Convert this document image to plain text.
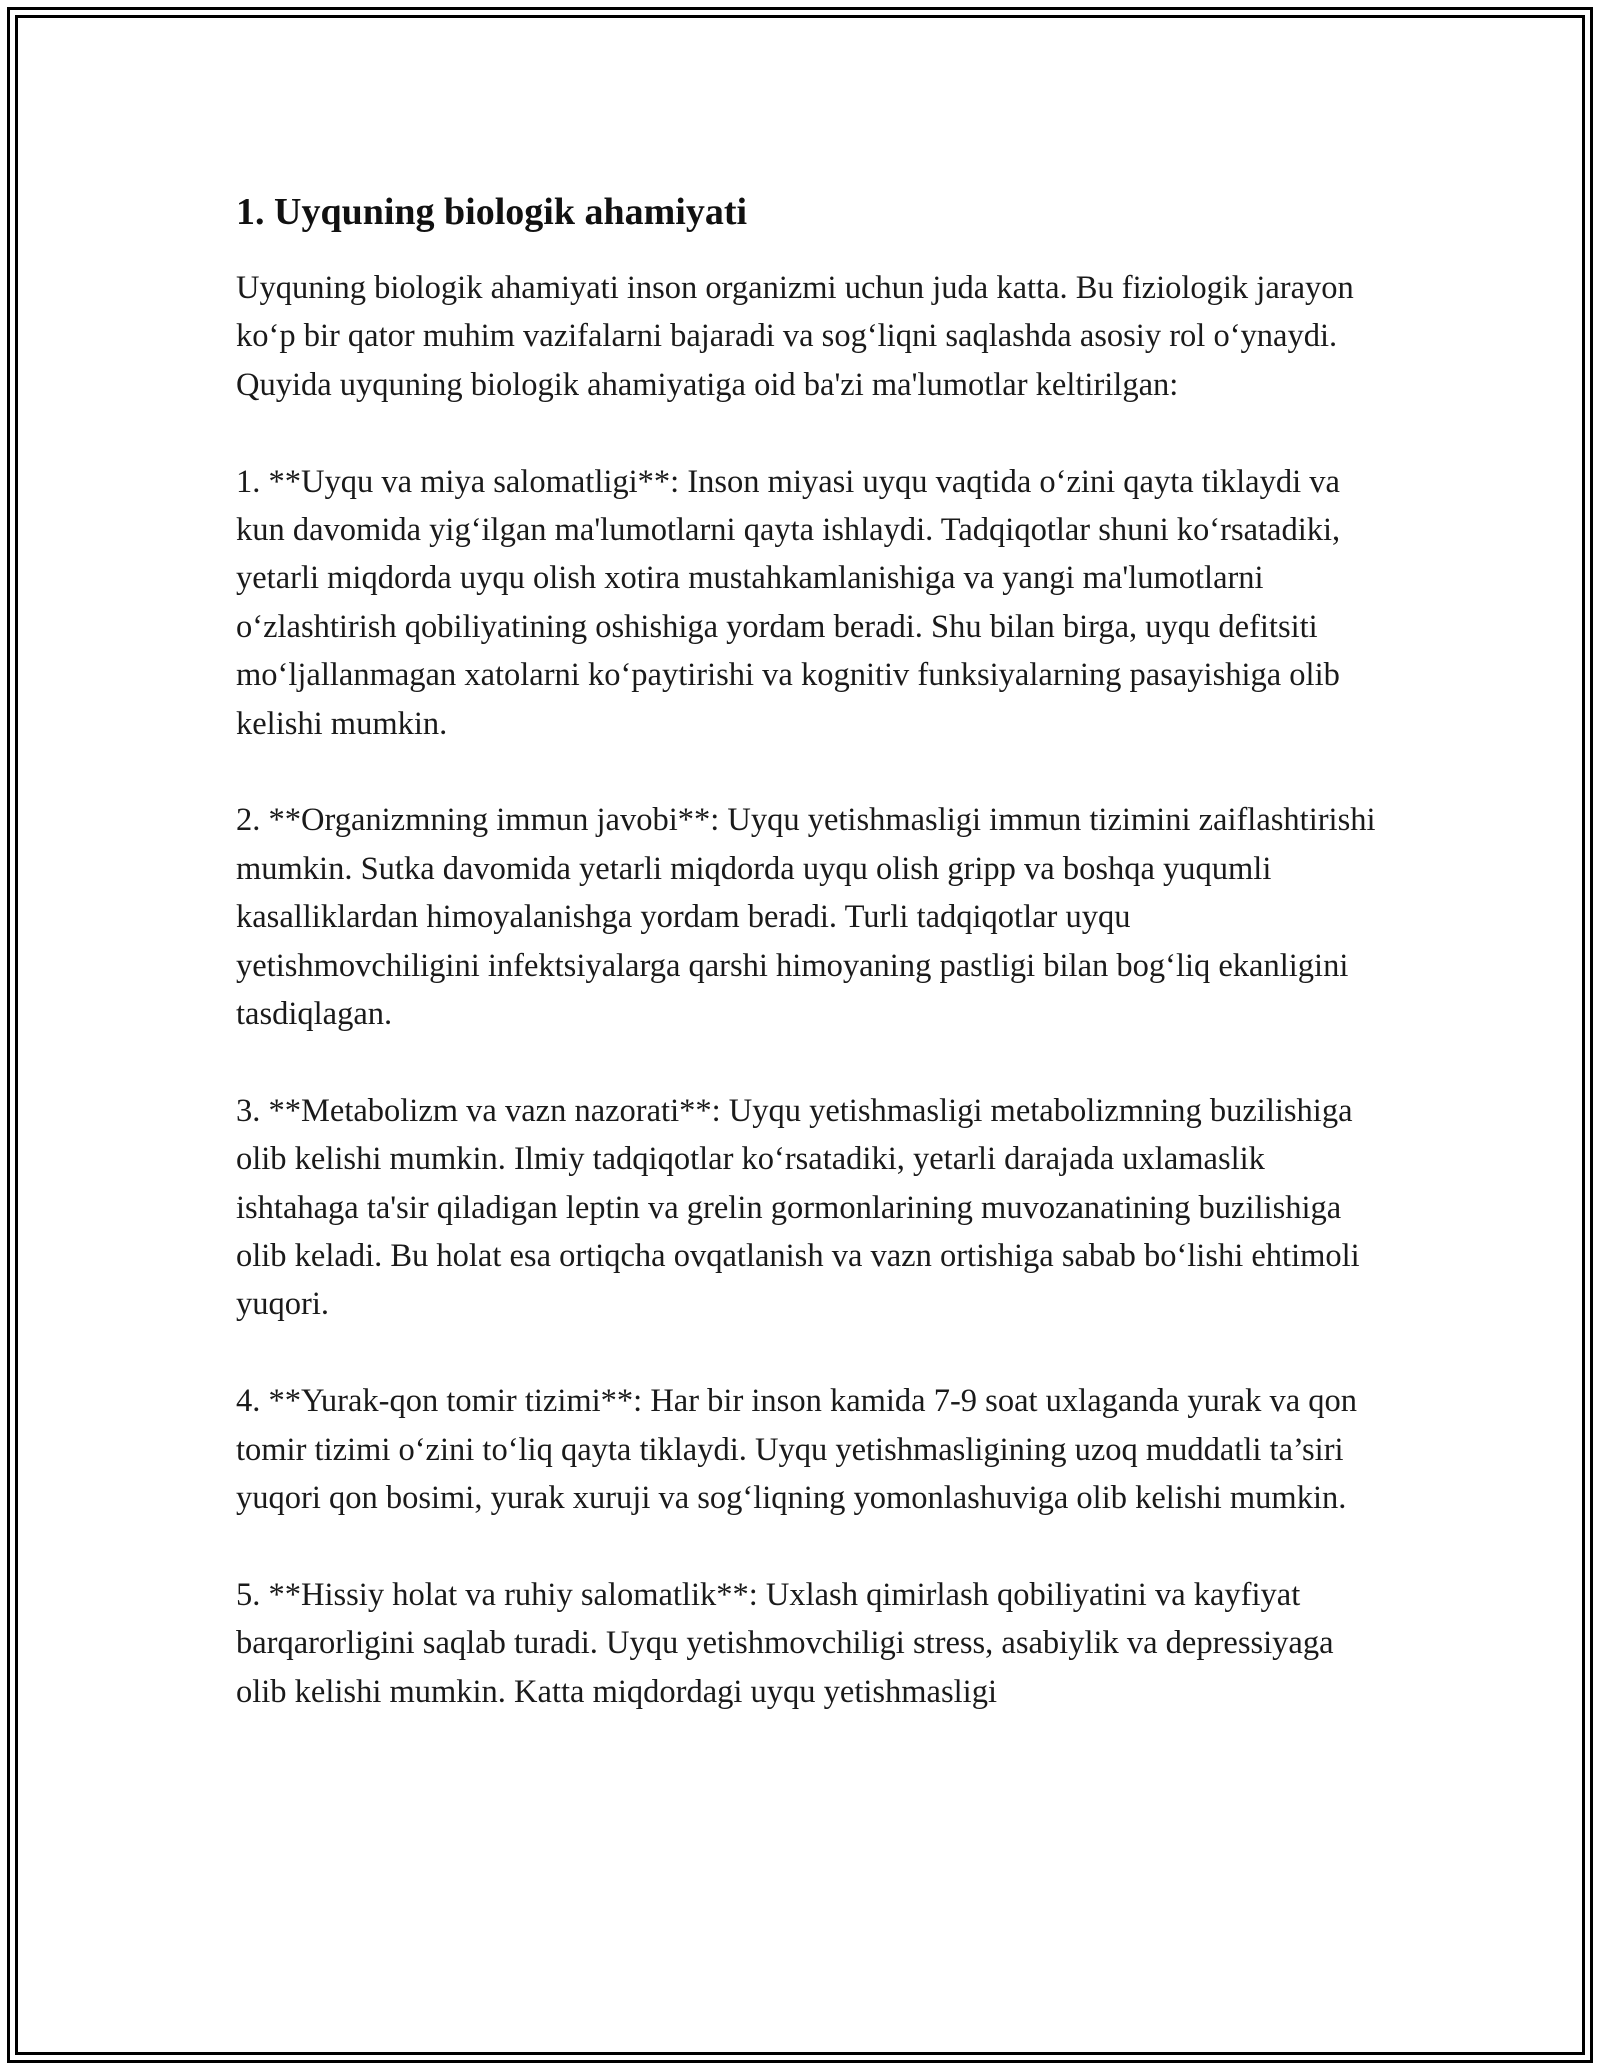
1. Uyquning biologik ahamiyati

Uyquning biologik ahamiyati inson organizmi uchun juda katta. Bu fiziologik jarayon koʻp bir qator muhim vazifalarni bajaradi va sogʻliqni saqlashda asosiy rol oʻynaydi. Quyida uyquning biologik ahamiyatiga oid ba'zi ma'lumotlar keltirilgan:

1. **Uyqu va miya salomatligi**: Inson miyasi uyqu vaqtida oʻzini qayta tiklaydi va kun davomida yigʻilgan ma'lumotlarni qayta ishlaydi. Tadqiqotlar shuni koʻrsatadiki, yetarli miqdorda uyqu olish xotira mustahkamlanishiga va yangi ma'lumotlarni oʻzlashtirish qobiliyatining oshishiga yordam beradi. Shu bilan birga, uyqu defitsiti moʻljallanmagan xatolarni koʻpaytirishi va kognitiv funksiyalarning pasayishiga olib kelishi mumkin.

2. **Organizmning immun javobi**: Uyqu yetishmasligi immun tizimini zaiflashtirishi mumkin. Sutka davomida yetarli miqdorda uyqu olish gripp va boshqa yuqumli kasalliklardan himoyalanishga yordam beradi. Turli tadqiqotlar uyqu yetishmovchiligini infektsiyalarga qarshi himoyaning pastligi bilan bogʻliq ekanligini tasdiqlagan.

3. **Metabolizm va vazn nazorati**: Uyqu yetishmasligi metabolizmning buzilishiga olib kelishi mumkin. Ilmiy tadqiqotlar koʻrsatadiki, yetarli darajada uxlamaslik ishtahaga ta'sir qiladigan leptin va grelin gormonlarining muvozanatining buzilishiga olib keladi. Bu holat esa ortiqcha ovqatlanish va vazn ortishiga sabab boʻlishi ehtimoli yuqori.

4. **Yurak-qon tomir tizimi**: Har bir inson kamida 7-9 soat uxlaganda yurak va qon tomir tizimi oʻzini toʻliq qayta tiklaydi. Uyqu yetishmasligining uzoq muddatli ta’siri yuqori qon bosimi, yurak xuruji va sogʻliqning yomonlashuviga olib kelishi mumkin.

5. **Hissiy holat va ruhiy salomatlik**: Uxlash qimirlash qobiliyatini va kayfiyat barqarorligini saqlab turadi. Uyqu yetishmovchiligi stress, asabiylik va depressiyaga olib kelishi mumkin. Katta miqdordagi uyqu yetishmasligi
